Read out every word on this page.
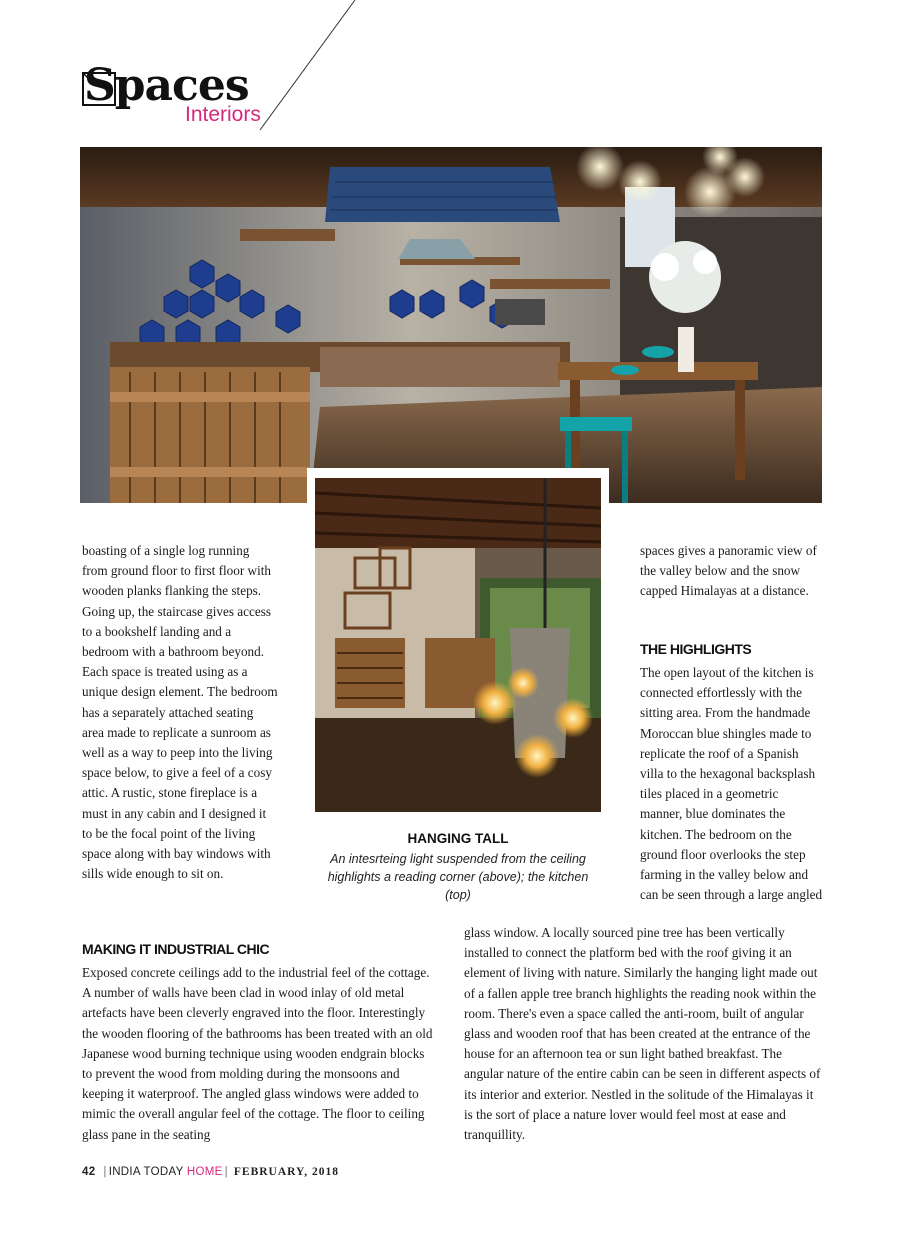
Spaces
Interiors

boasting of a single log running from ground floor to first floor with wooden planks flanking the steps. Going up, the staircase gives access to a bookshelf landing and a bedroom with a bathroom beyond. Each space is treated using as a unique design element. The bedroom has a separately attached seating area made to replicate a sunroom as well as a way to peep into the living space below, to give a feel of a cosy attic. A rustic, stone fireplace is a must in any cabin and I designed it to be the focal point of the living space along with bay windows with sills wide enough to sit on.

spaces gives a panoramic view of the valley below and the snow capped Himalayas at a distance.

THE HIGHLIGHTS

The open layout of the kitchen is connected effortlessly with the sitting area. From the handmade Moroccan blue shingles made to replicate the roof of a Spanish villa to the hexagonal backsplash tiles placed in a geometric manner, blue dominates the kitchen. The bedroom on the ground floor overlooks the step farming in the valley below and can be seen through a large angled

HANGING TALL

An intesrteing light suspended from the ceiling highlights a reading corner (above); the kitchen (top)

MAKING IT INDUSTRIAL CHIC

Exposed concrete ceilings add to the industrial feel of the cottage. A number of walls have been clad in wood inlay of old metal artefacts have been cleverly engraved into the floor. Interestingly the wooden flooring of the bathrooms has been treated with an old Japanese wood burning technique using wooden endgrain blocks to prevent the wood from molding during the monsoons and keeping it waterproof. The angled glass windows were added to mimic the overall angular feel of the cottage. The floor to ceiling glass pane in the seating

glass window. A locally sourced pine tree has been vertically installed to connect the platform bed with the roof giving it an element of living with nature. Similarly the hanging light made out of a fallen apple tree branch highlights the reading nook within the room. There's even a space called the anti-room, built of angular glass and wooden roof that has been created at the entrance of the house for an afternoon tea or sun light bathed breakfast. The angular nature of the entire cabin can be seen in different aspects of its interior and exterior. Nestled in the solitude of the Himalayas it is the sort of place a nature lover would feel most at ease and tranquillity.

42 | INDIA TODAY HOME | FEBRUARY, 2018
